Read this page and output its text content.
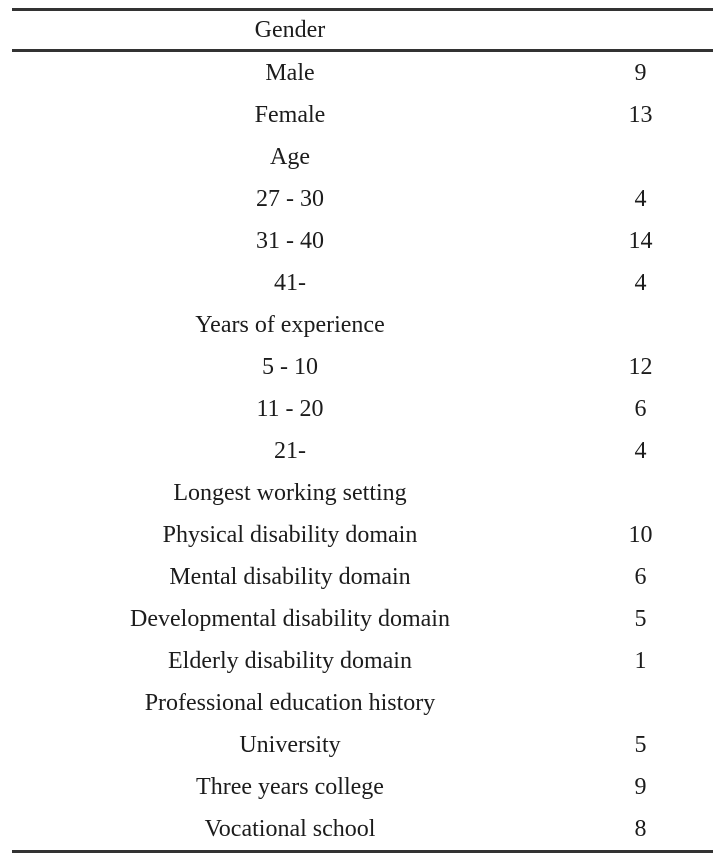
Gender
Male	9
Female	13
Age
27 - 30	4
31 - 40	14
41-	4
Years of experience
5 - 10	12
11 - 20	6
21-	4
Longest working setting
Physical disability domain	10
Mental disability domain	6
Developmental disability domain	5
Elderly disability domain	1
Professional education history
University	5
Three years college	9
Vocational school	8
